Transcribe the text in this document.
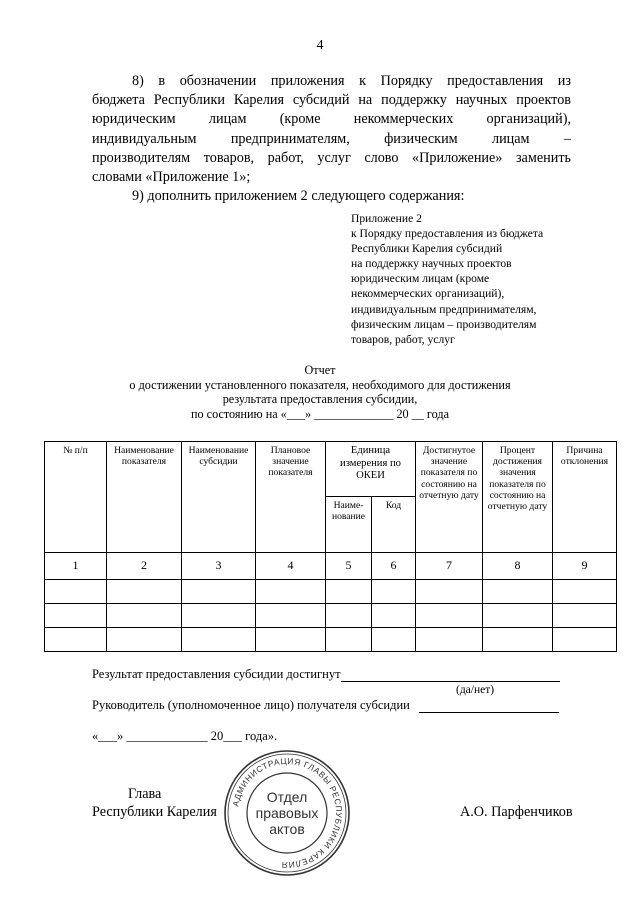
4
8) в обозначении приложения к Порядку предоставления из
бюджета Республики Карелия субсидий на поддержку научных проектов
юридическим лицам (кроме некоммерческих организаций),
индивидуальным предпринимателям, физическим лицам –
производителям товаров, работ, услуг слово «Приложение» заменить
словами «Приложение 1»;
9) дополнить приложением 2 следующего содержания:
Приложение 2
к Порядку предоставления из бюджета
Республики Карелия субсидий
на поддержку научных проектов
юридическим лицам (кроме
некоммерческих организаций),
индивидуальным предпринимателям,
физическим лицам – производителям
товаров, работ, услуг
Отчет
о достижении установленного показателя, необходимого для достижения
результата предоставления субсидии,
по состоянию на «___» _____________ 20 __ года
№ п/п	Наименование показателя	Наименование субсидии	Плановое значение показателя	Единица измерения по ОКЕИ		Достигнутое значение показателя по состоянию на отчетную дату	Процент достижения значения показателя по состоянию на отчетную дату	Причина отклонения
				Наиме-нование	Код			
1	2	3	4	5	6	7	8	9

Результат предоставления субсидии достигнут
(да/нет)
Руководитель (уполномоченное лицо) получателя субсидии
«___» _____________ 20___ года».
Глава
Республики Карелия	А.О. Парфенчиков
АДМИНИСТРАЦИЯ ГЛАВЫ РЕСПУБЛИКИ КАРЕЛИЯ
Отдел
правовых
актов
